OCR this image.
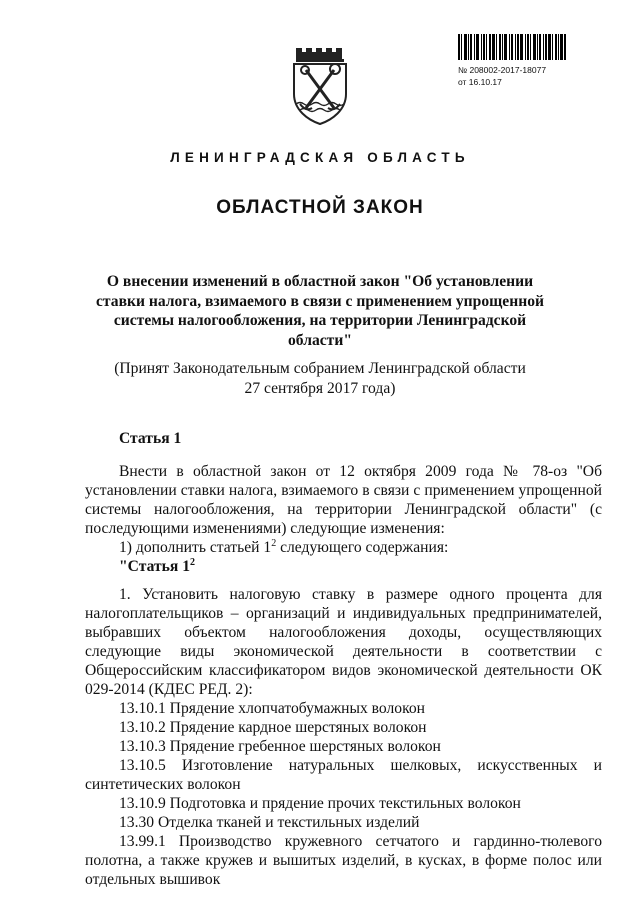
№ 208002-2017-18077
от 16.10.17
ЛЕНИНГРАДСКАЯ ОБЛАСТЬ
ОБЛАСТНОЙ ЗАКОН
О внесении изменений в областной закон "Об установлении
ставки налога, взимаемого в связи с применением упрощенной
системы налогообложения, на территории Ленинградской области"
(Принят Законодательным собранием Ленинградской области
27 сентября 2017 года)
Статья 1

Внести в областной закон от 12 октября 2009 года № 78-оз "Об установлении ставки налога, взимаемого в связи с применением упрощенной системы налогообложения, на территории Ленинградской области" (с последующими изменениями) следующие изменения:

1) дополнить статьей $1^2$ следующего содержания:

"Статья $1^2$

1. Установить налоговую ставку в размере одного процента для налогоплательщиков – организаций и индивидуальных предпринимателей, выбравших объектом налогообложения доходы, осуществляющих следующие виды экономической деятельности в соответствии с Общероссийским классификатором видов экономической деятельности ОК 029-2014 (КДЕС РЕД. 2):

13.10.1 Прядение хлопчатобумажных волокон

13.10.2 Прядение кардное шерстяных волокон

13.10.3 Прядение гребенное шерстяных волокон

13.10.5 Изготовление натуральных шелковых, искусственных и синтетических волокон

13.10.9 Подготовка и прядение прочих текстильных волокон

13.30 Отделка тканей и текстильных изделий

13.99.1 Производство кружевного сетчатого и гардинно-тюлевого полотна, а также кружев и вышитых изделий, в кусках, в форме полос или отдельных вышивок
